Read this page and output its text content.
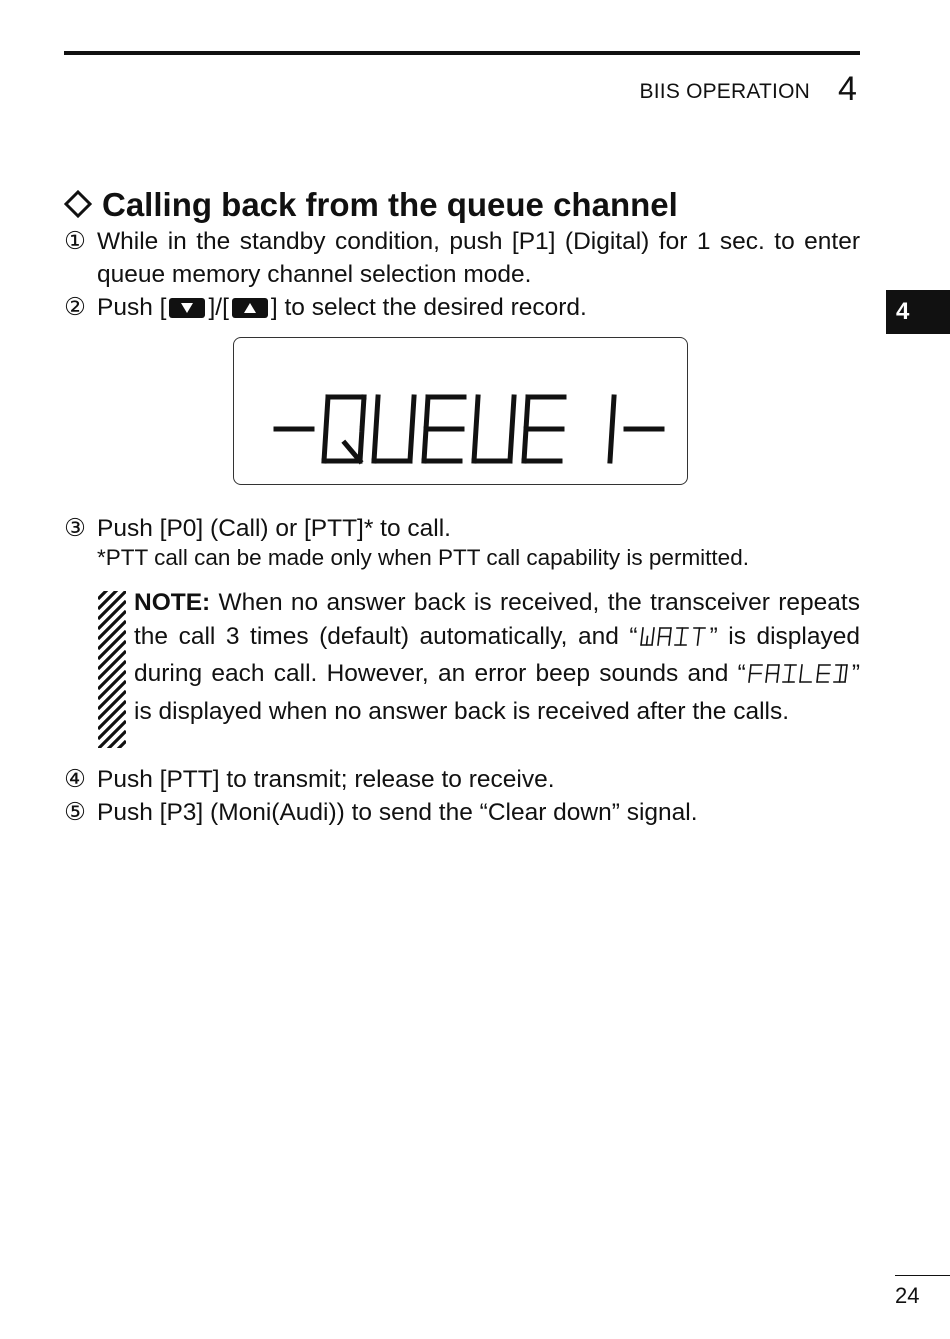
BIIS OPERATION 4
4
Calling back from the queue channel
① While in the standby condition, push [P1] (Digital) for 1 sec. to enter queue memory channel selection mode.
② Push [ ]/[ ] to select the desired record.
③ Push [P0] (Call) or [PTT]* to call.
*PTT call can be made only when PTT call capability is permitted.
NOTE: When no answer back is received, the transceiver repeats the call 3 times (default) automatically, and “	” is displayed during each call. However, an error beep sounds and “	” is displayed when no answer back is received after the calls.
④ Push [PTT] to transmit; release to receive.
⑤ Push [P3] (Moni(Audi)) to send the “Clear down” signal.
24
